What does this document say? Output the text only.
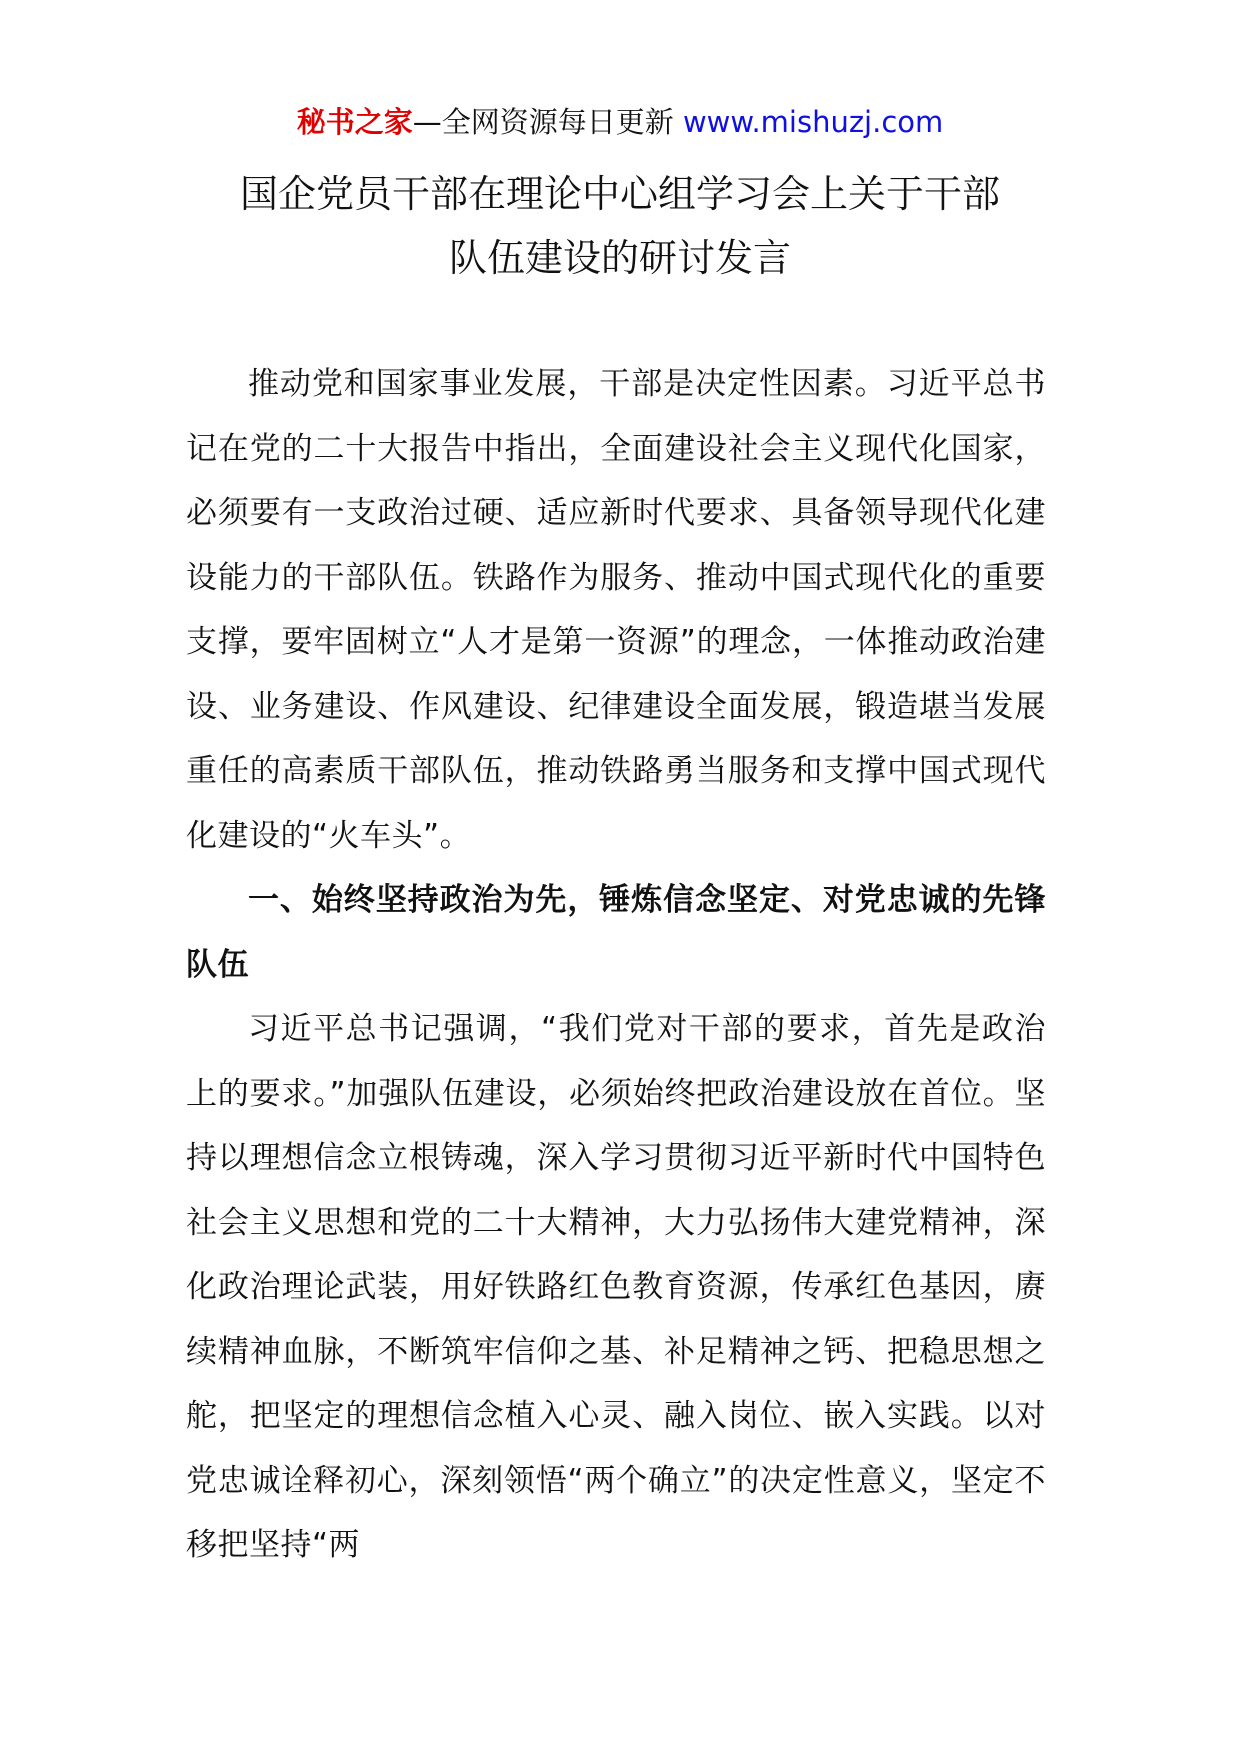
秘书之家—全网资源每日更新 www.mishuzj.com
国企党员干部在理论中心组学习会上关于干部
队伍建设的研讨发言

推动党和国家事业发展，干部是决定性因素。习近平总书记在党的二十大报告中指出，全面建设社会主义现代化国家，必须要有一支政治过硬、适应新时代要求、具备领导现代化建设能力的干部队伍。铁路作为服务、推动中国式现代化的重要支撑，要牢固树立“人才是第一资源”的理念，一体推动政治建设、业务建设、作风建设、纪律建设全面发展，锻造堪当发展重任的高素质干部队伍，推动铁路勇当服务和支撑中国式现代化建设的“火车头”。

一、始终坚持政治为先，锤炼信念坚定、对党忠诚的先锋队伍

习近平总书记强调，“我们党对干部的要求，首先是政治上的要求。”加强队伍建设，必须始终把政治建设放在首位。坚持以理想信念立根铸魂，深入学习贯彻习近平新时代中国特色社会主义思想和党的二十大精神，大力弘扬伟大建党精神，深化政治理论武装，用好铁路红色教育资源，传承红色基因，赓续精神血脉，不断筑牢信仰之基、补足精神之钙、把稳思想之舵，把坚定的理想信念植入心灵、融入岗位、嵌入实践。以对党忠诚诠释初心，深刻领悟“两个确立”的决定性意义，坚定不移把坚持“两
